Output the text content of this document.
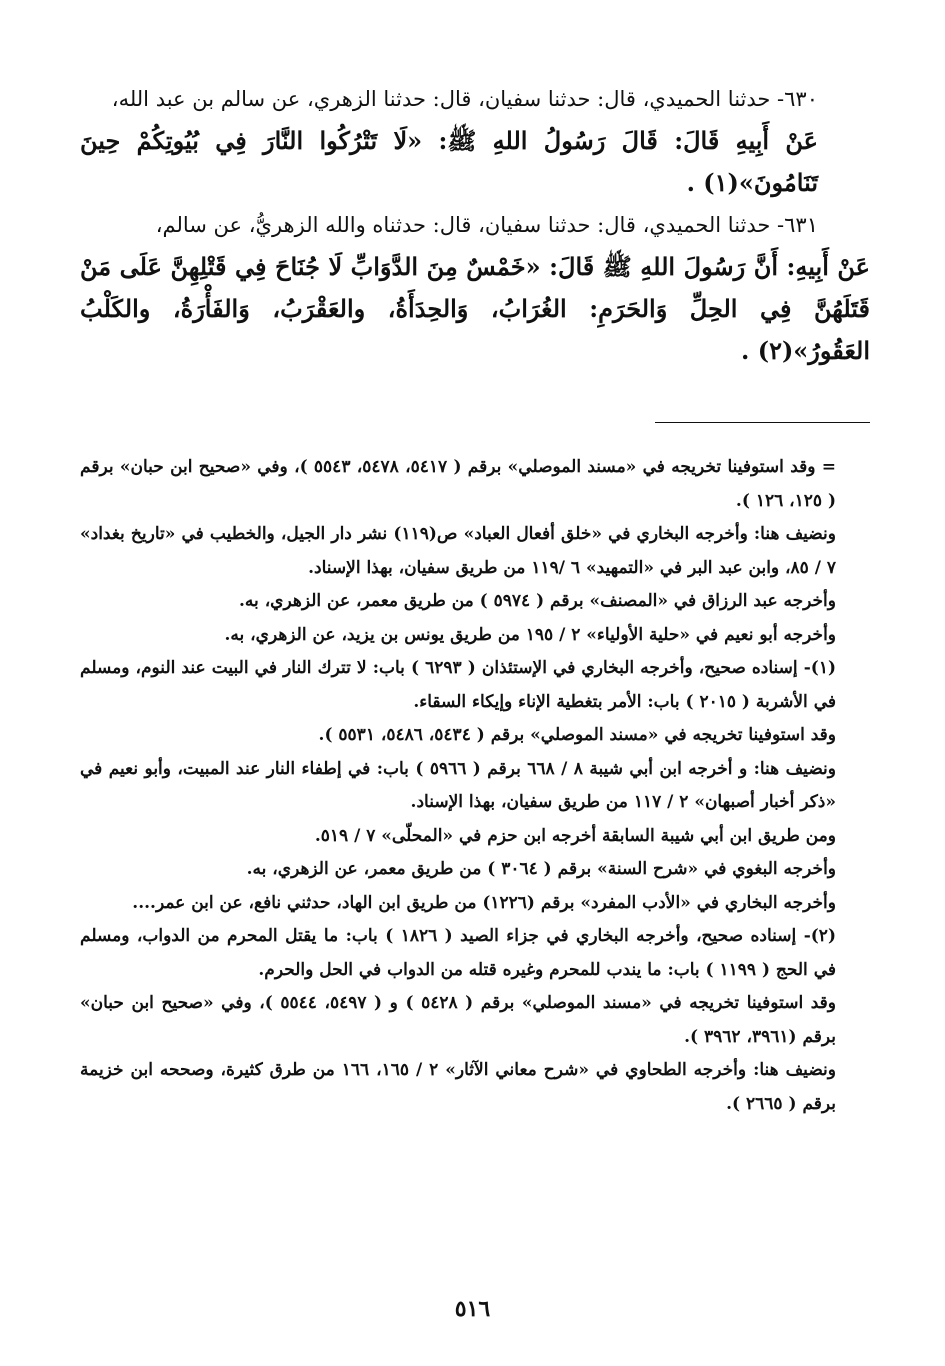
٦٣٠- حدثنا الحميدي، قال: حدثنا سفيان، قال: حدثنا الزهري، عن سالم بن عبد الله،

عَنْ أَبِيهِ قَالَ: قَالَ رَسُولُ اللهِ ﷺ: «لَا تَتْرُكُوا النَّارَ فِي بُيُوتِكُمْ حِينَ تَنَامُونَ»(١) .

٦٣١- حدثنا الحميدي، قال: حدثنا سفيان، قال: حدثناه والله الزهريُّ، عن سالم،

عَنْ أَبِيهِ: أَنَّ رَسُولَ اللهِ ﷺ قَالَ: «خَمْسٌ مِنَ الدَّوَابِّ لَا جُنَاحَ فِي قَتْلِهِنَّ عَلَى مَنْ قَتَلَهُنَّ فِي الحِلِّ وَالحَرَمِ: الغُرَابُ، وَالحِدَأَةُ، والعَقْرَبُ، وَالفَأْرَةُ، والكَلْبُ العَقُورُ»(٢) .

= وقد استوفينا تخريجه في «مسند الموصلي» برقم ( ٥٤١٧، ٥٤٧٨، ٥٥٤٣ )، وفي «صحيح ابن حبان» برقم ( ١٢٥، ١٢٦ ).

ونضيف هنا: وأخرجه البخاري في «خلق أفعال العباد» ص(١١٩) نشر دار الجيل، والخطيب في «تاريخ بغداد» ٧ / ٨٥، وابن عبد البر في «التمهيد» ٦ /١١٩ من طريق سفيان، بهذا الإسناد.

وأخرجه عبد الرزاق في «المصنف» برقم ( ٥٩٧٤ ) من طريق معمر، عن الزهري، به.

وأخرجه أبو نعيم في «حلية الأولياء» ٢ / ١٩٥ من طريق يونس بن يزيد، عن الزهري، به.

(١)- إسناده صحيح، وأخرجه البخاري في الإستئذان ( ٦٢٩٣ ) باب: لا تترك النار في البيت عند النوم، ومسلم في الأشربة ( ٢٠١٥ ) باب: الأمر بتغطية الإناء وإيكاء السقاء.

وقد استوفينا تخريجه في «مسند الموصلي» برقم ( ٥٤٣٤، ٥٤٨٦، ٥٥٣١ ).

ونضيف هنا: و أخرجه ابن أبي شيبة ٨ / ٦٦٨ برقم ( ٥٩٦٦ ) باب: في إطفاء النار عند المبيت، وأبو نعيم في «ذكر أخبار أصبهان» ٢ / ١١٧ من طريق سفيان، بهذا الإسناد.

ومن طريق ابن أبي شيبة السابقة أخرجه ابن حزم في «المحلّى» ٧ / ٥١٩.

وأخرجه البغوي في «شرح السنة» برقم ( ٣٠٦٤ ) من طريق معمر، عن الزهري، به.

وأخرجه البخاري في «الأدب المفرد» برقم (١٢٢٦) من طريق ابن الهاد، حدثني نافع، عن ابن عمر....

(٢)- إسناده صحيح، وأخرجه البخاري في جزاء الصيد ( ١٨٢٦ ) باب: ما يقتل المحرم من الدواب، ومسلم في الحج ( ١١٩٩ ) باب: ما يندب للمحرم وغيره قتله من الدواب في الحل والحرم.

وقد استوفينا تخريجه في «مسند الموصلي» برقم ( ٥٤٢٨ ) و ( ٥٤٩٧، ٥٥٤٤ )، وفي «صحيح ابن حبان» برقم (٣٩٦١، ٣٩٦٢ ).

ونضيف هنا: وأخرجه الطحاوي في «شرح معاني الآثار» ٢ / ١٦٥، ١٦٦ من طرق كثيرة، وصححه ابن خزيمة برقم ( ٢٦٦٥ ).

٥١٦
